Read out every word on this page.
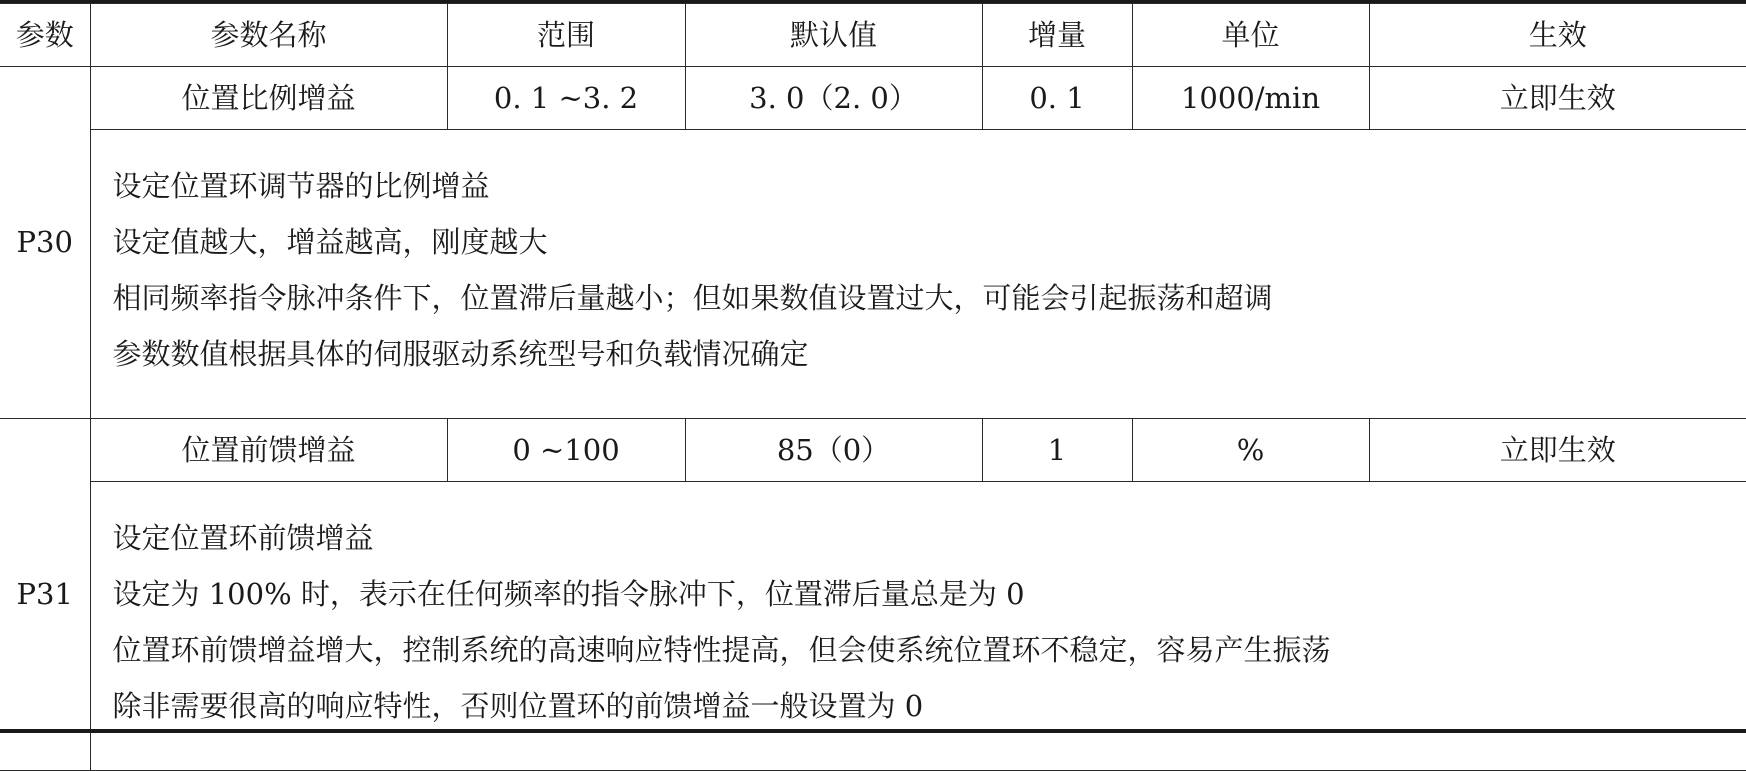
参数	参数名称	范围	默认值	增量	单位	生效
P30	位置比例增益	0. 1 ~3. 2	3. 0（2. 0）	0. 1	1000/min	立即生效

	设定位置环调节器的比例增益
设定值越大，增益越高，刚度越大
相同频率指令脉冲条件下，位置滞后量越小；但如果数值设置过大，可能会引起振荡和超调
参数数值根据具体的伺服驱动系统型号和负载情况确定					

P31	位置前馈增益	0 ~100	85（0）	1	%	立即生效

	设定位置环前馈增益
设定为 100% 时，表示在任何频率的指令脉冲下，位置滞后量总是为 0
位置环前馈增益增大，控制系统的高速响应特性提高，但会使系统位置环不稳定，容易产生振荡
除非需要很高的响应特性，否则位置环的前馈增益一般设置为 0					
